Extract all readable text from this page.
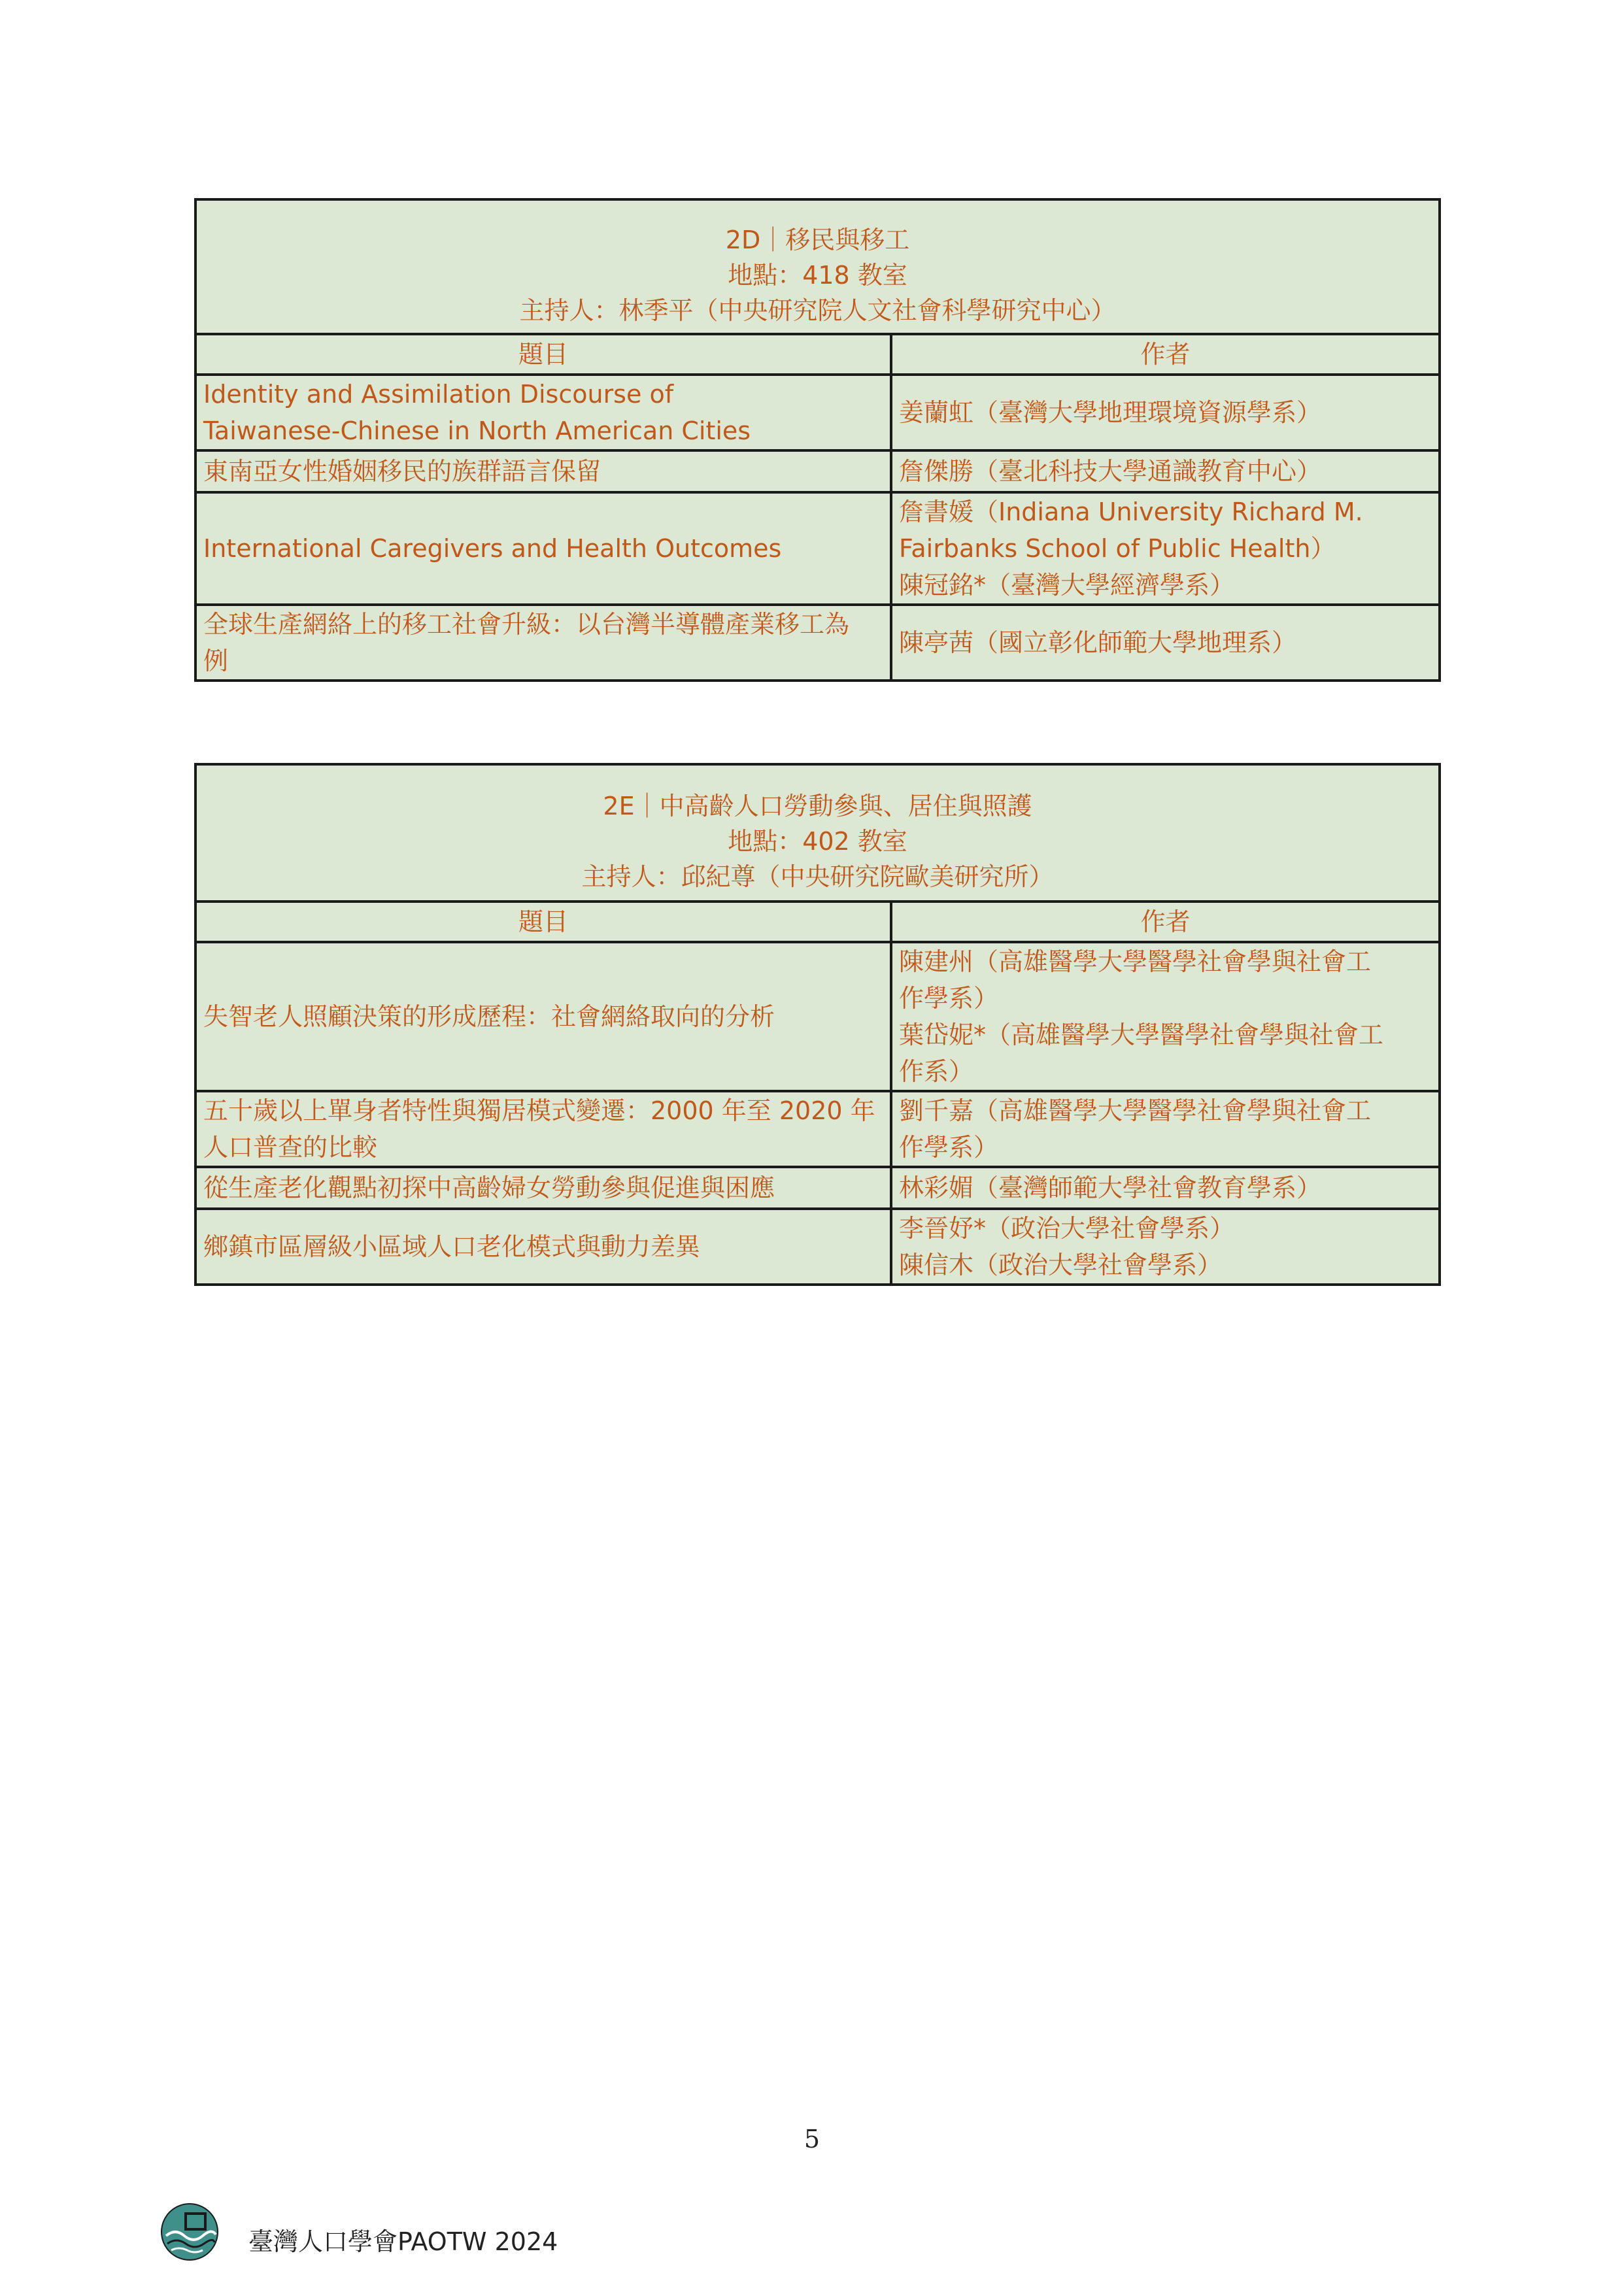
2D｜移民與移工
地點：418 教室
主持人：林季平（中央研究院人文社會科學研究中心）	

題目	作者

Identity and Assimilation Discourse of
Taiwanese-Chinese in North American Cities	姜蘭虹（臺灣大學地理環境資源學系）

東南亞女性婚姻移民的族群語言保留	詹傑勝（臺北科技大學通識教育中心）

International Caregivers and Health Outcomes	詹書媛（Indiana University Richard M.
Fairbanks School of Public Health）
陳冠銘*（臺灣大學經濟學系）

全球生產網絡上的移工社會升級：以台灣半導體產業移工為
例	陳亭茜（國立彰化師範大學地理系）
2E｜中高齡人口勞動參與、居住與照護
地點：402 教室
主持人：邱紀尊（中央研究院歐美研究所）	

題目	作者

失智老人照顧決策的形成歷程：社會網絡取向的分析	陳建州（高雄醫學大學醫學社會學與社會工
作學系）
葉岱妮*（高雄醫學大學醫學社會學與社會工
作系）

五十歲以上單身者特性與獨居模式變遷：2000 年至 2020 年
人口普查的比較	劉千嘉（高雄醫學大學醫學社會學與社會工
作學系）

從生產老化觀點初探中高齡婦女勞動參與促進與困應	林彩媚（臺灣師範大學社會教育學系）

鄉鎮市區層級小區域人口老化模式與動力差異	李晉妤*（政治大學社會學系）
陳信木（政治大學社會學系）
5
臺灣人口學會PAOTW 2024
